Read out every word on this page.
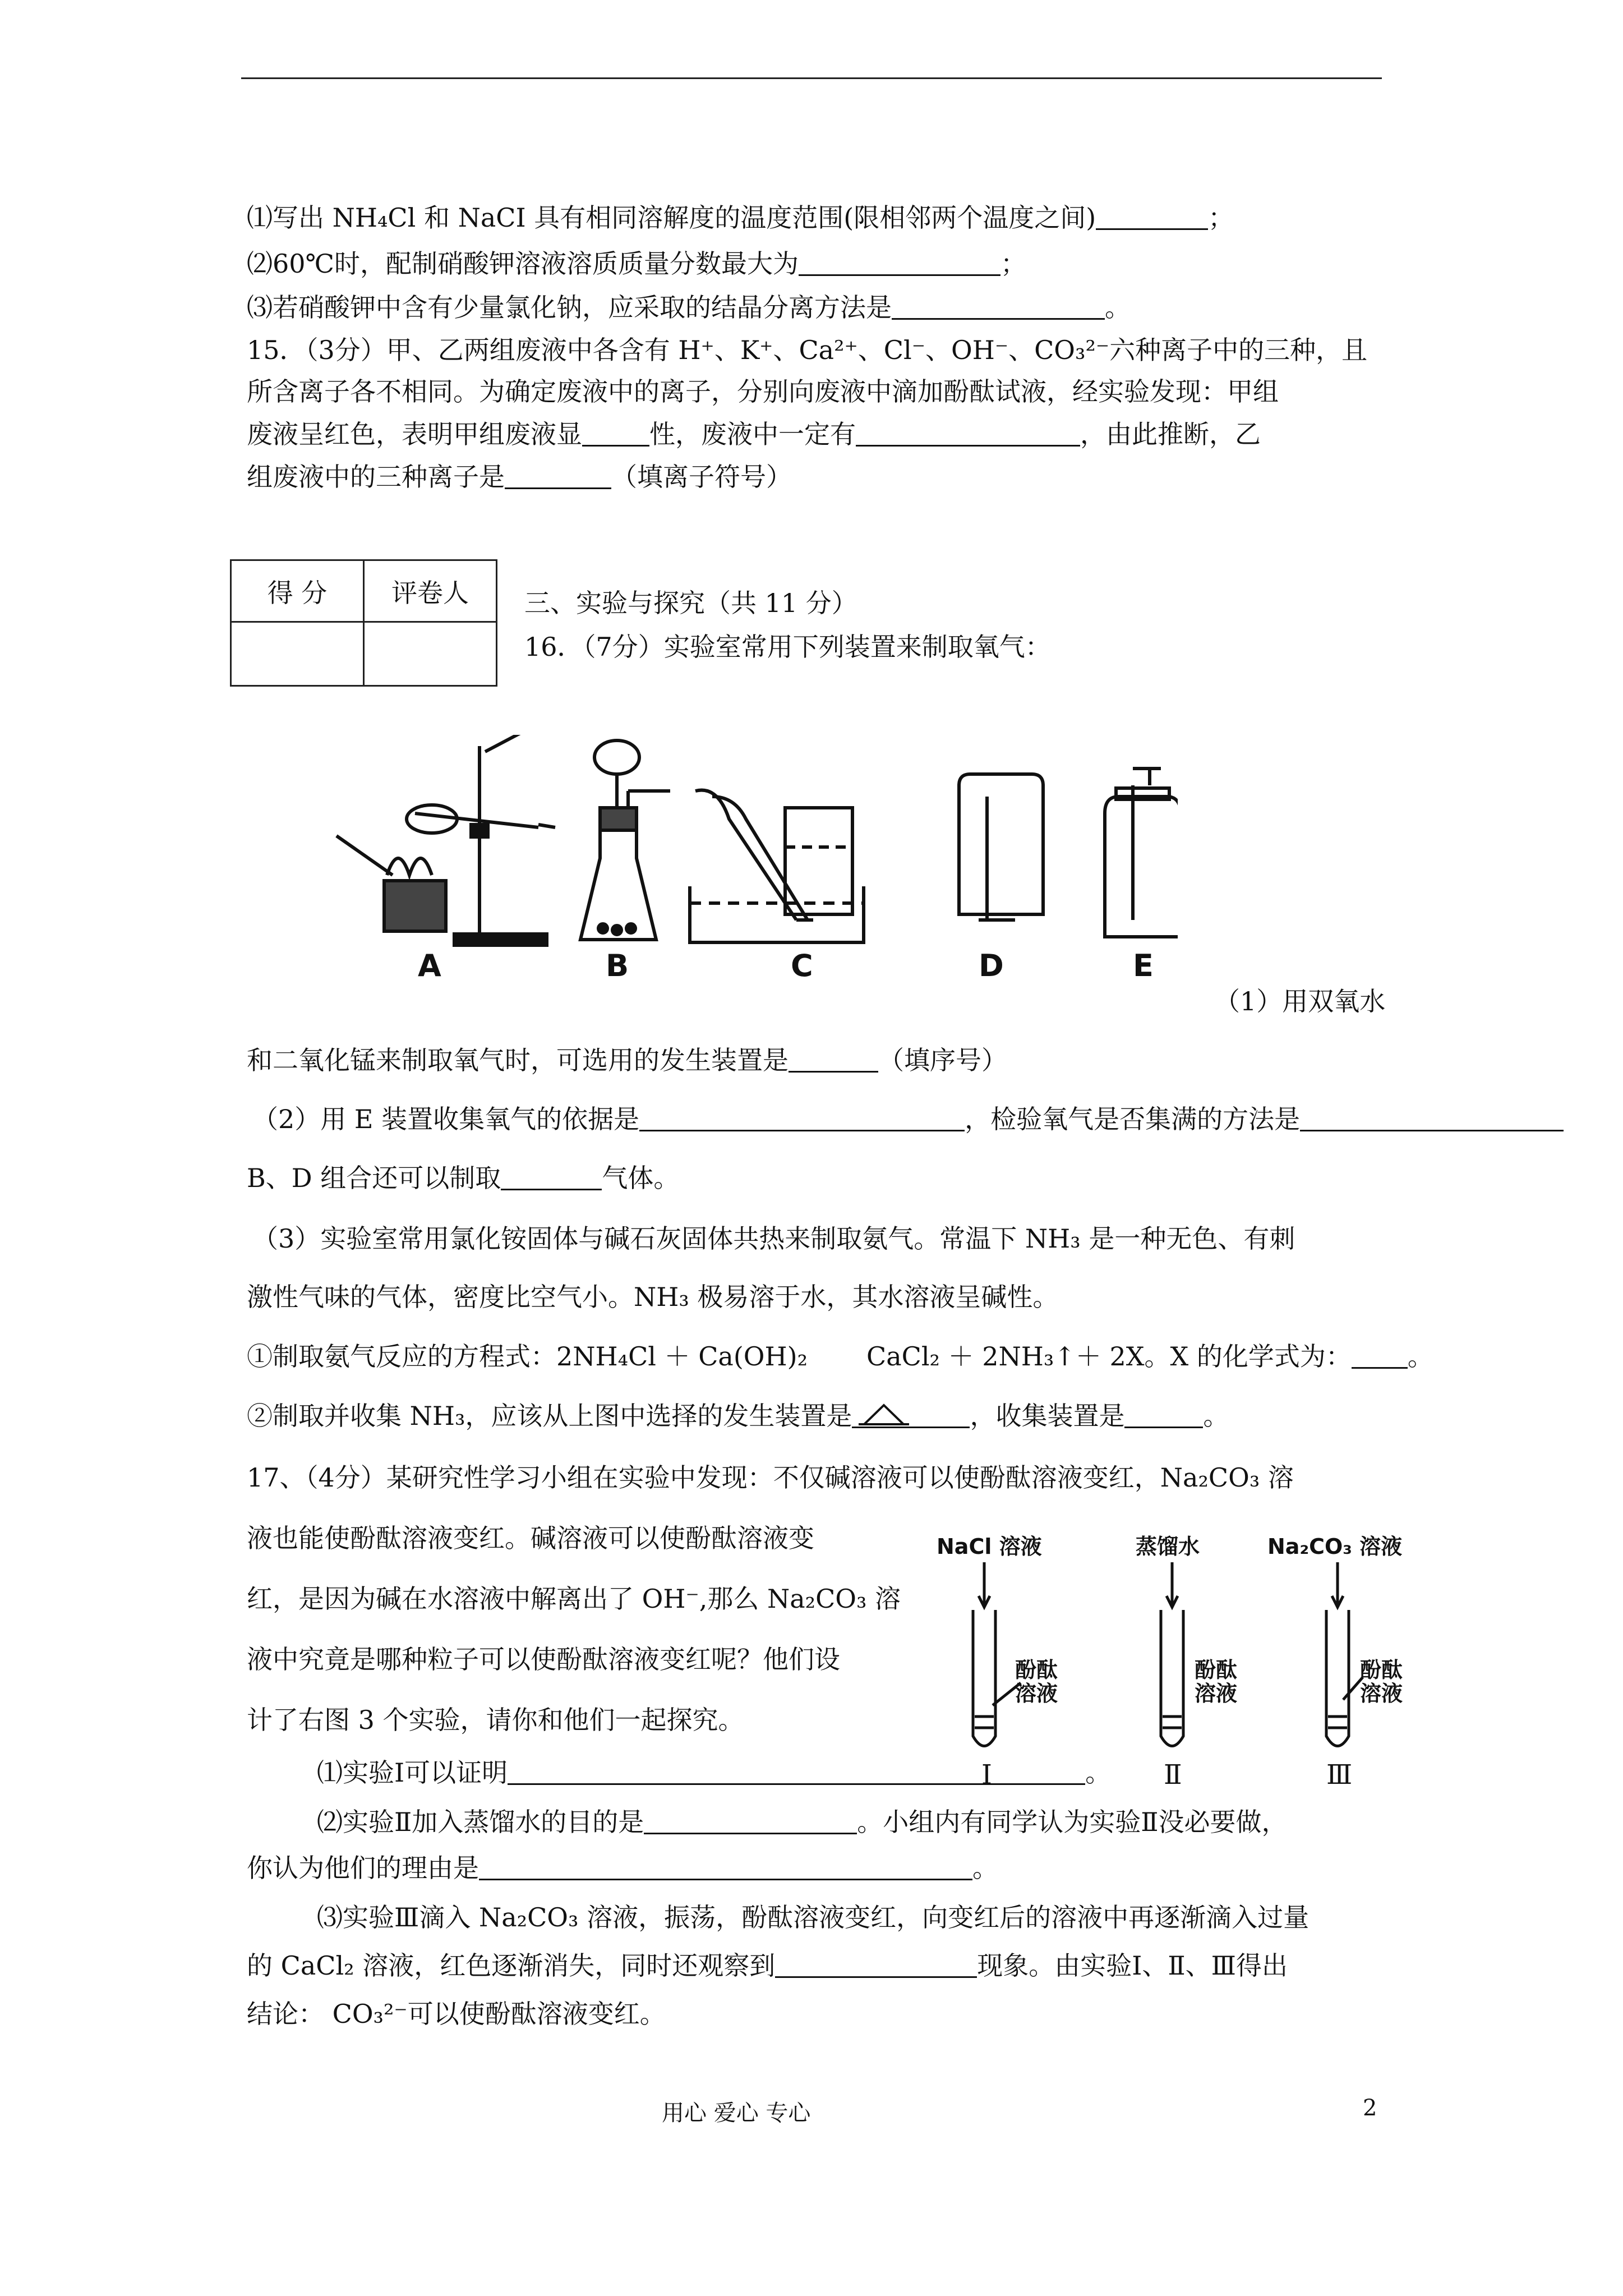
⑴写出 NH₄Cl 和 NaCI 具有相同溶解度的温度范围(限相邻两个温度之间)	；
⑵60℃时，配制硝酸钾溶液溶质质量分数最大为	；
⑶若硝酸钾中含有少量氯化钠，应采取的结晶分离方法是	。
15．（3分）甲、乙两组废液中各含有 H⁺、K⁺、Ca²⁺、Cl⁻、OH⁻、CO₃²⁻六种离子中的三种，且
所含离子各不相同。为确定废液中的离子，分别向废液中滴加酚酞试液，经实验发现：甲组
废液呈红色，表明甲组废液显	性，废液中一定有	，由此推断，乙
组废液中的三种离子是	（填离子符号）
得 分	评卷人
	三、实验与探究（共 11 分）
16．（7分）实验室常用下列装置来制取氧气：
A	B	C	D	E
（1）用双氧水
和二氧化锰来制取氧气时，可选用的发生装置是	（填序号）
（2）用 E 装置收集氧气的依据是	，检验氧气是否集满的方法是
B、D 组合还可以制取	气体。
（3）实验室常用氯化铵固体与碱石灰固体共热来制取氨气。常温下 NH₃ 是一种无色、有刺
激性气味的气体，密度比空气小。NH₃ 极易溶于水，其水溶液呈碱性。
①制取氨气反应的方程式：2NH₄Cl ＋ Ca(OH)₂ CaCl₂ ＋ 2NH₃↑＋ 2X。X 的化学式为： 。
②制取并收集 NH₃，应该从上图中选择的发生装置是	，收集装置是	。
17、（4分）某研究性学习小组在实验中发现：不仅碱溶液可以使酚酞溶液变红，Na₂CO₃ 溶
液也能使酚酞溶液变红。碱溶液可以使酚酞溶液变
红，是因为碱在水溶液中解离出了 OH⁻,那么 Na₂CO₃ 溶
液中究竟是哪种粒子可以使酚酞溶液变红呢？他们设
计了右图 3 个实验，请你和他们一起探究。
NaCl 溶液	蒸馏水	Na₂CO₃ 溶液
酚酞溶液
酚酞溶液
酚酞溶液
Ⅰ	Ⅱ	Ⅲ
⑴实验Ⅰ可以证明	。
⑵实验Ⅱ加入蒸馏水的目的是	。小组内有同学认为实验Ⅱ没必要做，
你认为他们的理由是	。
⑶实验Ⅲ滴入 Na₂CO₃ 溶液，振荡，酚酞溶液变红，向变红后的溶液中再逐渐滴入过量
的 CaCl₂ 溶液，红色逐渐消失，同时还观察到	现象。由实验Ⅰ、Ⅱ、Ⅲ得出
结论： CO₃²⁻可以使酚酞溶液变红。
用心 爱心 专心	2
